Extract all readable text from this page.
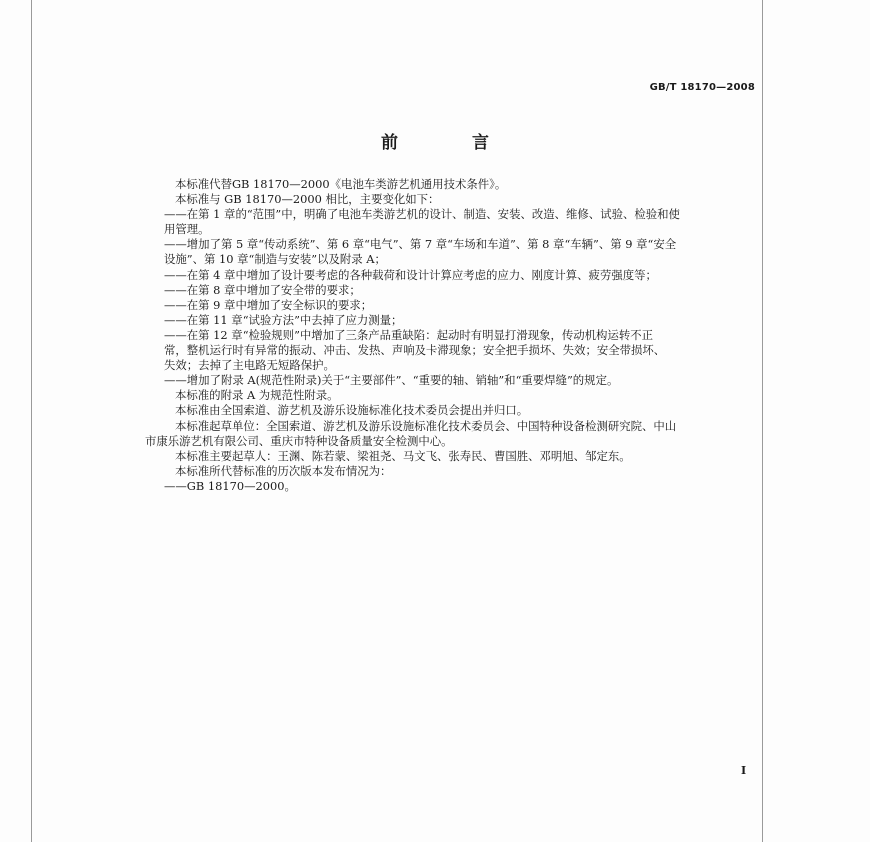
GB/T 18170—2008
前 言

本标准代替GB 18170—2000《电池车类游艺机通用技术条件》。

本标准与 GB 18170—2000 相比，主要变化如下：

——在第 1 章的“范围”中，明确了电池车类游艺机的设计、制造、安装、改造、维修、试验、检验和使

用管理。

——增加了第 5 章“传动系统”、第 6 章“电气”、第 7 章“车场和车道”、第 8 章“车辆”、第 9 章“安全

设施”、第 10 章“制造与安装”以及附录 A；

——在第 4 章中增加了设计要考虑的各种载荷和设计计算应考虑的应力、刚度计算、疲劳强度等；

——在第 8 章中增加了安全带的要求；

——在第 9 章中增加了安全标识的要求；

——在第 11 章“试验方法”中去掉了应力测量；

——在第 12 章“检验规则”中增加了三条产品重缺陷：起动时有明显打滑现象，传动机构运转不正

常，整机运行时有异常的振动、冲击、发热、声响及卡滞现象；安全把手损坏、失效；安全带损坏、

失效；去掉了主电路无短路保护。

——增加了附录 A(规范性附录)关于“主要部件”、“重要的轴、销轴”和“重要焊缝”的规定。

本标准的附录 A 为规范性附录。

本标准由全国索道、游艺机及游乐设施标准化技术委员会提出并归口。

本标准起草单位：全国索道、游艺机及游乐设施标准化技术委员会、中国特种设备检测研究院、中山

市康乐游艺机有限公司、重庆市特种设备质量安全检测中心。

本标准主要起草人：王渊、陈若蒙、梁祖尧、马文飞、张寿民、曹国胜、邓明旭、邹定东。

本标准所代替标准的历次版本发布情况为：

——GB 18170—2000。

I
